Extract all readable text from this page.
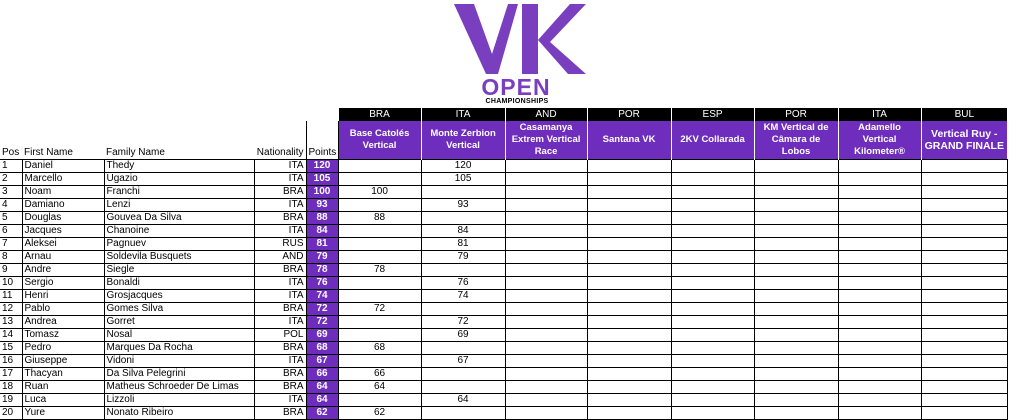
OPEN
CHAMPIONSHIPS
					BRA	ITA	AND	POR	ESP	POR	ITA	BUL
Pos	First Name	Family Name	Nationality	Points	Base Catolés Vertical	Monte Zerbion Vertical	Casamanya Extrem Vertical Race	Santana VK	2KV Collarada	KM Vertical de Câmara de Lobos	Adamello Vertical Kilometer®	Vertical Ruy - GRAND FINALE
1	Daniel	Thedy	ITA	120		120						
2	Marcello	Ugazio	ITA	105		105						
3	Noam	Franchi	BRA	100	100							
4	Damiano	Lenzi	ITA	93		93						
5	Douglas	Gouvea Da Silva	BRA	88	88							
6	Jacques	Chanoine	ITA	84		84						
7	Aleksei	Pagnuev	RUS	81		81						
8	Arnau	Soldevila Busquets	AND	79		79						
9	Andre	Siegle	BRA	78	78							
10	Sergio	Bonaldi	ITA	76		76						
11	Henri	Grosjacques	ITA	74		74						
12	Pablo	Gomes Silva	BRA	72	72							
13	Andrea	Gorret	ITA	72		72						
14	Tomasz	Nosal	POL	69		69						
15	Pedro	Marques Da Rocha	BRA	68	68							
16	Giuseppe	Vidoni	ITA	67		67						
17	Thacyan	Da Silva Pelegrini	BRA	66	66							
18	Ruan	Matheus Schroeder De Limas	BRA	64	64							
19	Luca	Lizzoli	ITA	64		64						
20	Yure	Nonato Ribeiro	BRA	62	62							
